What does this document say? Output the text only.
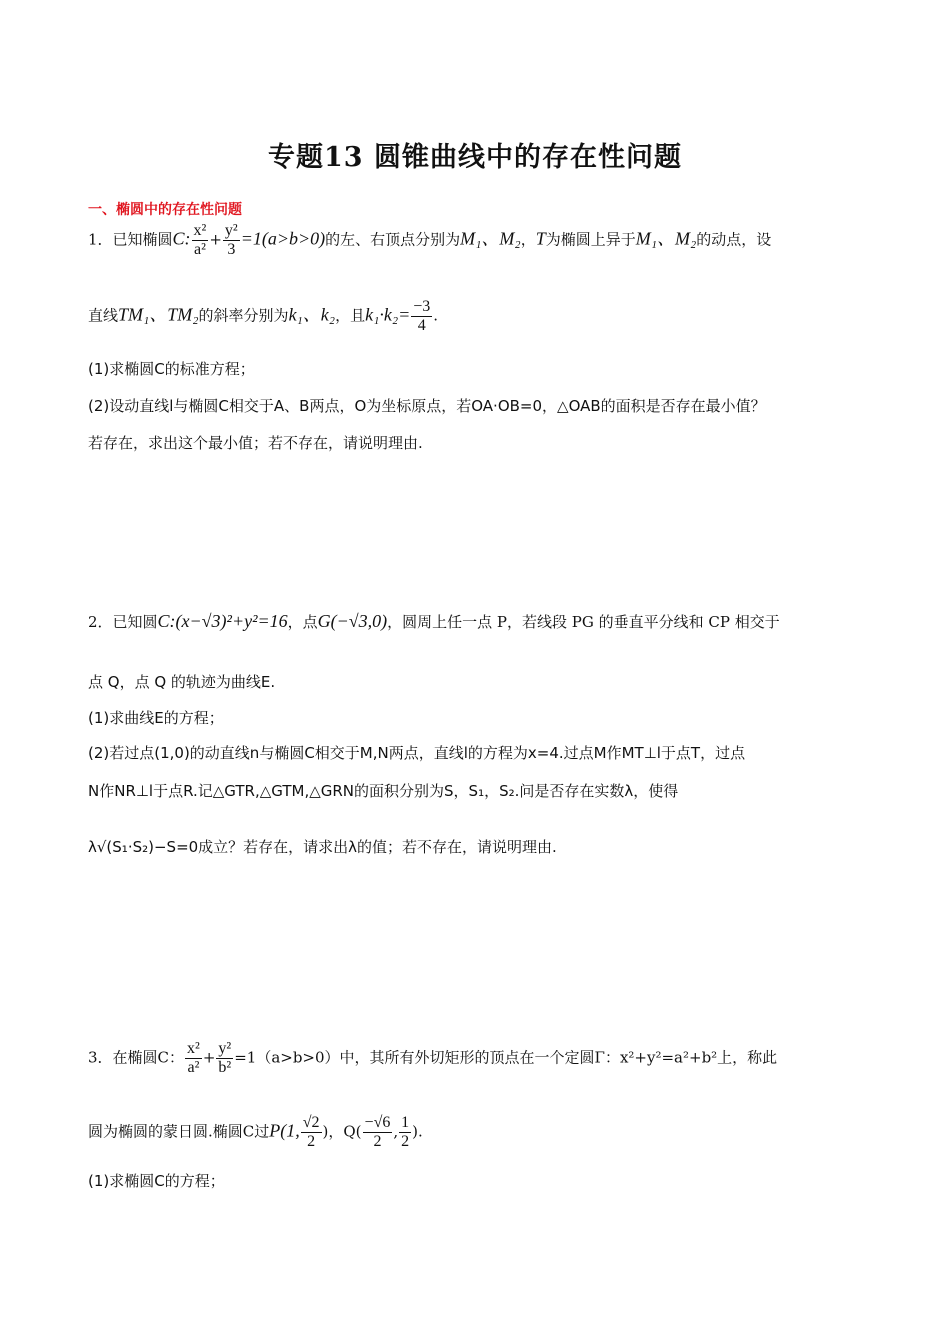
专题13 圆锥曲线中的存在性问题
一、椭圆中的存在性问题
1．已知椭圆C: $\frac{\text{x²}}{\text{a²}} + \frac{\text{y²}}{3} =1(a>b>0)$的左、右顶点分别为M₁、M₂，T为椭圆上异于M₁、M₂的动点，设
直线TM₁、TM₂的斜率分别为k₁、k₂，且$k_1\cdot k_2= \frac{-3}{4}$ .
(1)求椭圆C的标准方程；
(2)设动直线l与椭圆C相交于A、B两点，O为坐标原点，若OA·OB=0，△OAB的面积是否存在最小值？
若存在，求出这个最小值；若不存在，请说明理由.
2．已知圆C:(x−√3)²+y²=16，点G(−√3,0)，圆周上任一点 P，若线段 PG 的垂直平分线和 CP 相交于
点 Q，点 Q 的轨迹为曲线E.
(1)求曲线E的方程；
(2)若过点(1,0)的动直线n与椭圆C相交于M,N两点，直线l的方程为x=4.过点M作MT⊥l于点T，过点
N作NR⊥l于点R.记△GTR,△GTM,△GRN的面积分别为S，S₁，S₂.问是否存在实数λ，使得
λ√(S₁·S₂)−S=0成立？若存在，请求出λ的值；若不存在，请说明理由.
3．在椭圆C： $\frac{\text{x²}}{\text{a²}} + \frac{\text{y²}}{\text{b²}} =1(a>b>0)$中，其所有外切矩形的顶点在一个定圆Γ：x²+y²=a²+b²上，称此
圆为椭圆的蒙日圆.椭圆C过P(1, $\frac{√2}{2}$ )，$Q( \frac{-√6}{2}$ , $\frac{1}{2}$ ).
(1)求椭圆C的方程；
